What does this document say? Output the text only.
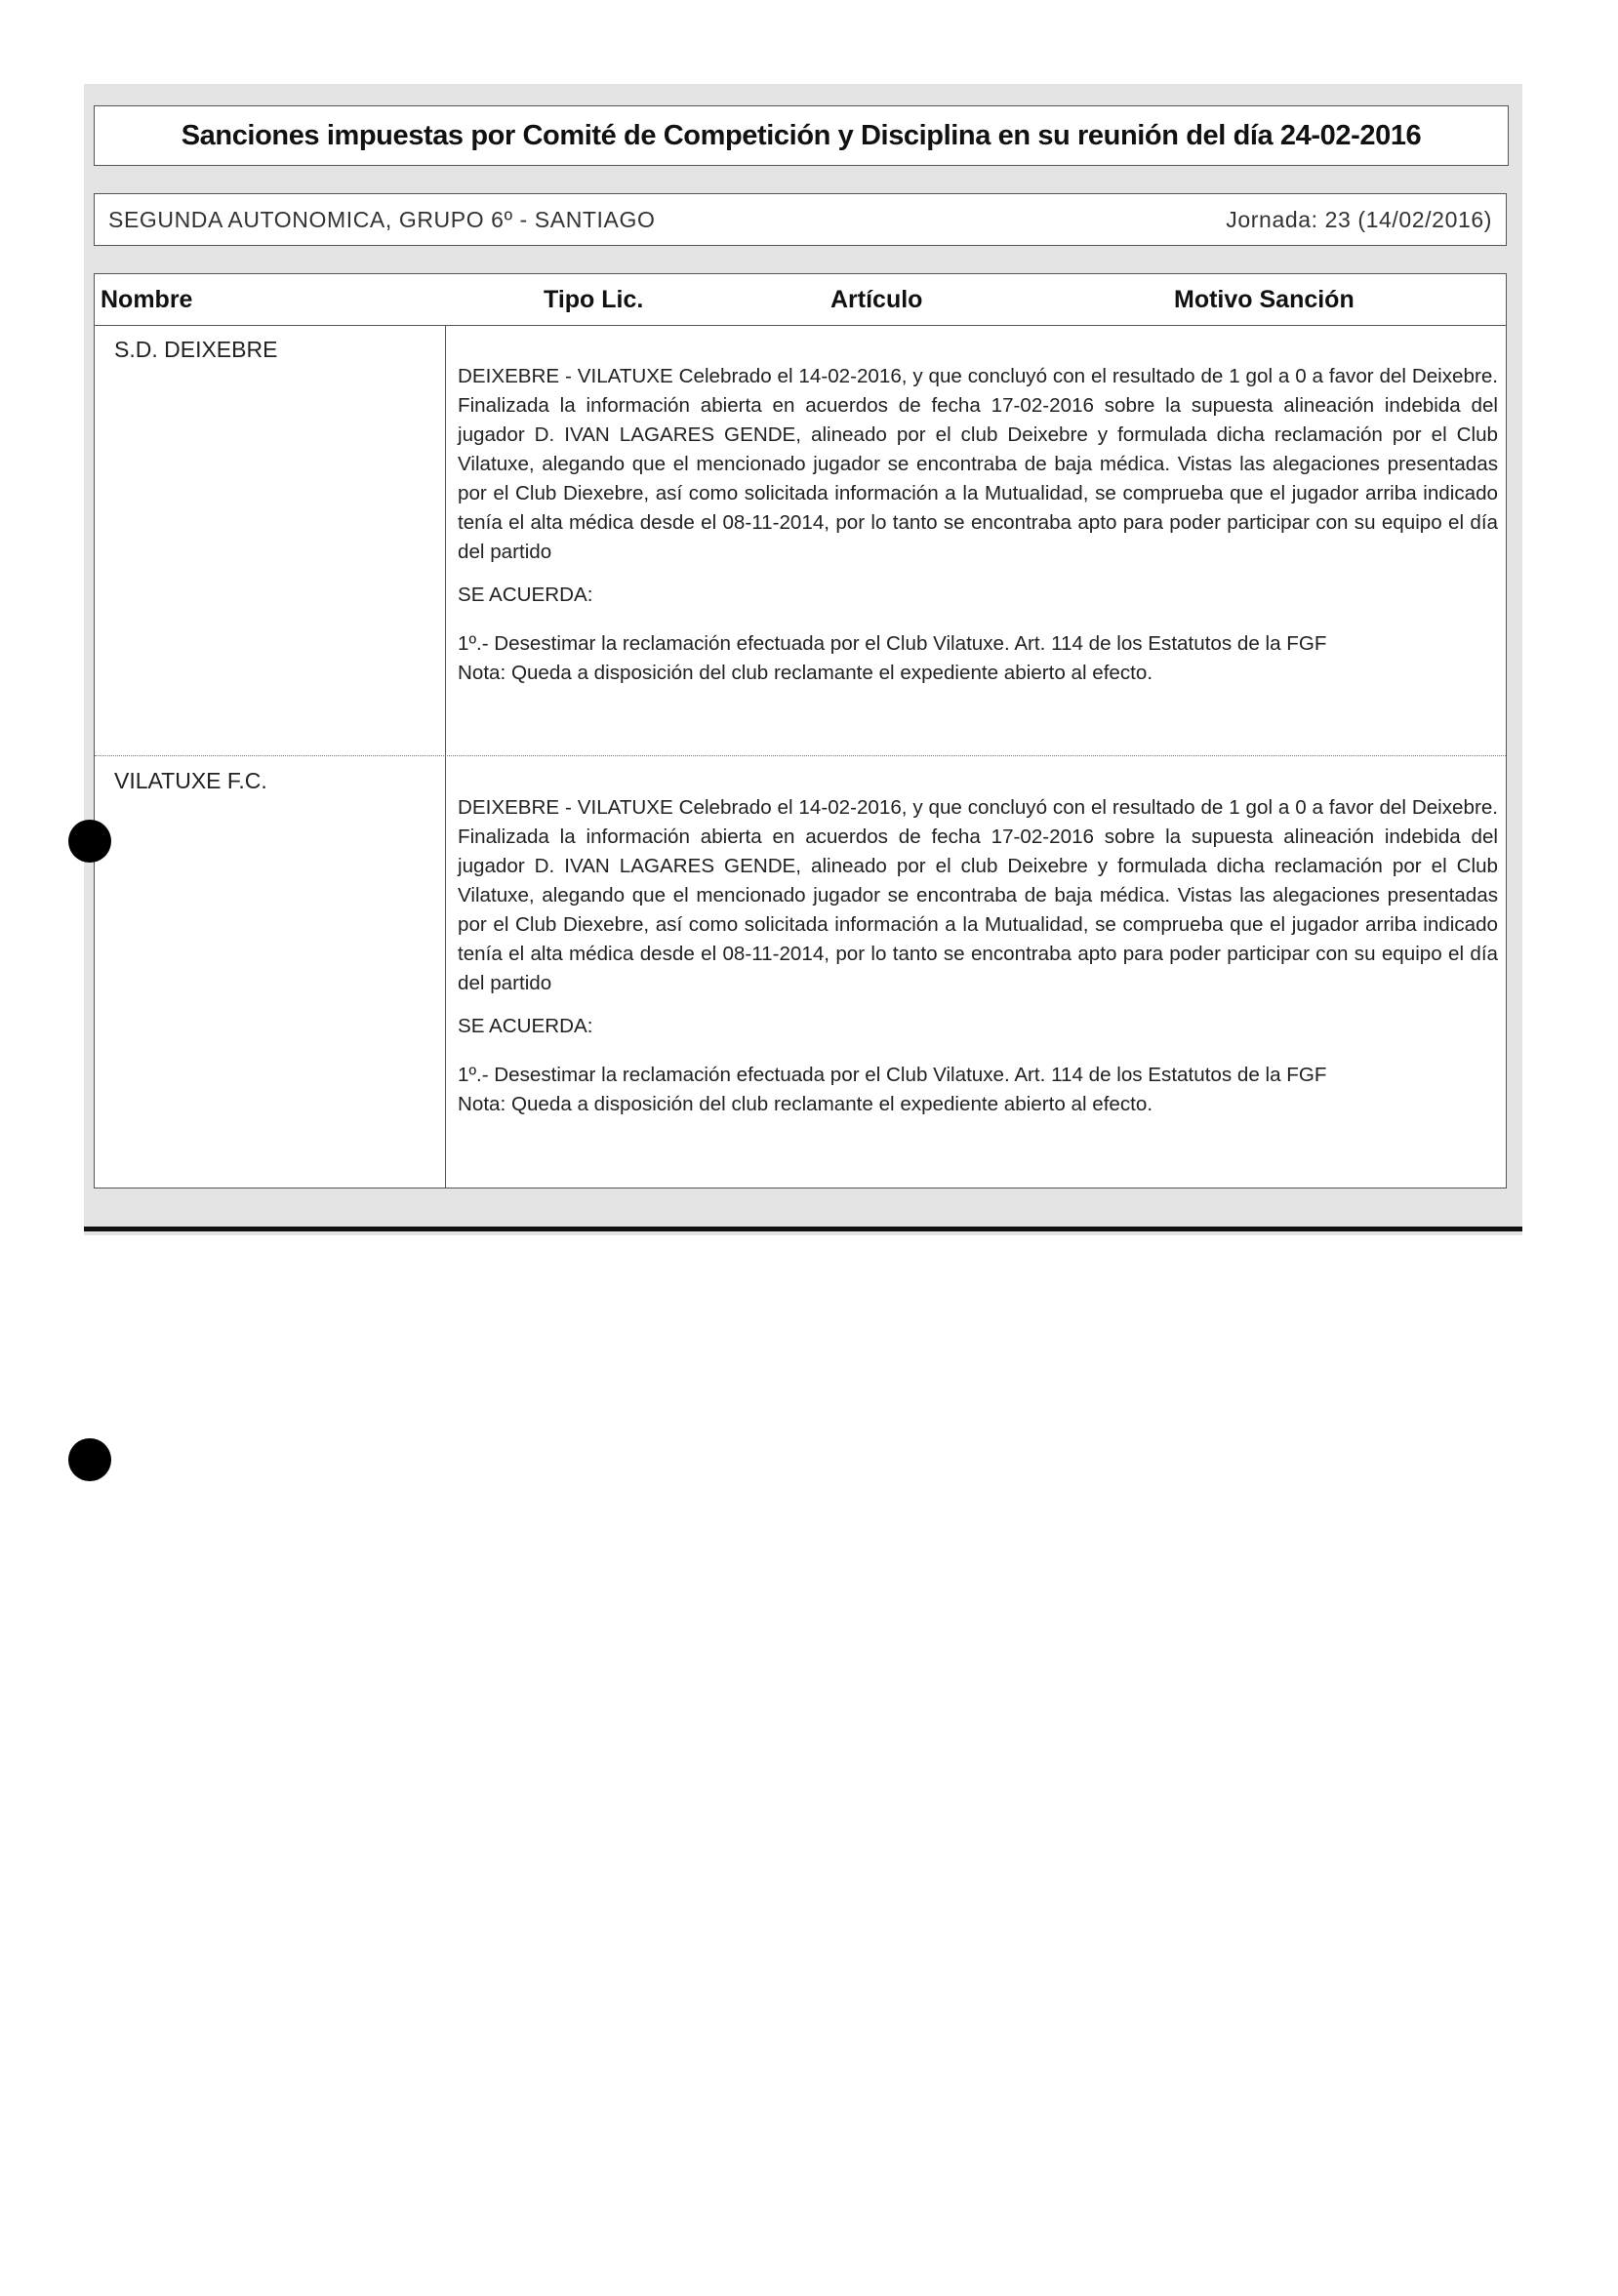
Sanciones impuestas por Comité de Competición y Disciplina en su reunión del día 24-02-2016
SEGUNDA AUTONOMICA, GRUPO 6º - SANTIAGO	Jornada: 23 (14/02/2016)
Nombre	Tipo Lic.	Artículo	Motivo Sanción
S.D. DEIXEBRE

DEIXEBRE - VILATUXE Celebrado el 14-02-2016, y que concluyó con el resultado de 1 gol a 0 a favor del Deixebre. Finalizada la información abierta en acuerdos de fecha 17-02-2016 sobre la supuesta alineación indebida del jugador D. IVAN LAGARES GENDE, alineado por el club Deixebre y formulada dicha reclamación por el Club Vilatuxe, alegando que el mencionado jugador se encontraba de baja médica. Vistas las alegaciones presentadas por el Club Diexebre, así como solicitada información a la Mutualidad, se comprueba que el jugador arriba indicado tenía el alta médica desde el 08-11-2014, por lo tanto se encontraba apto para poder participar con su equipo el día del partido

SE ACUERDA:

1º.- Desestimar la reclamación efectuada por el Club Vilatuxe. Art. 114 de los Estatutos de la FGF

Nota: Queda a disposición del club reclamante el expediente abierto al efecto.

VILATUXE F.C.

DEIXEBRE - VILATUXE Celebrado el 14-02-2016, y que concluyó con el resultado de 1 gol a 0 a favor del Deixebre. Finalizada la información abierta en acuerdos de fecha 17-02-2016 sobre la supuesta alineación indebida del jugador D. IVAN LAGARES GENDE, alineado por el club Deixebre y formulada dicha reclamación por el Club Vilatuxe, alegando que el mencionado jugador se encontraba de baja médica. Vistas las alegaciones presentadas por el Club Diexebre, así como solicitada información a la Mutualidad, se comprueba que el jugador arriba indicado tenía el alta médica desde el 08-11-2014, por lo tanto se encontraba apto para poder participar con su equipo el día del partido

SE ACUERDA:

1º.- Desestimar la reclamación efectuada por el Club Vilatuxe. Art. 114 de los Estatutos de la FGF

Nota: Queda a disposición del club reclamante el expediente abierto al efecto.
